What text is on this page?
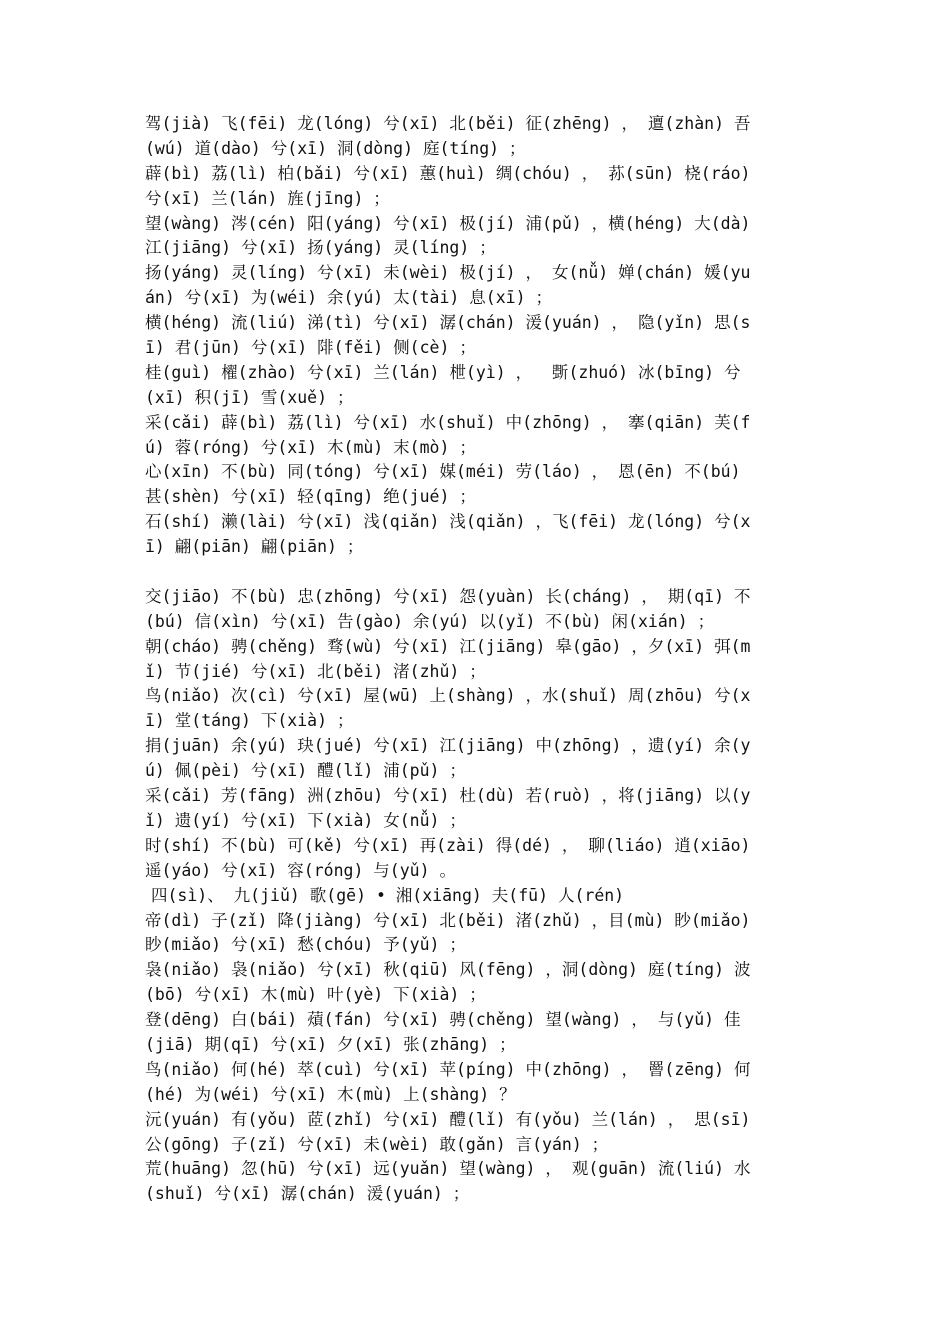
驾(jià) 飞(fēi) 龙(lóng) 兮(xī) 北(běi) 征(zhēng) ， 邅(zhàn) 吾
(wú) 道(dào) 兮(xī) 洞(dòng) 庭(tíng) ；
薜(bì) 荔(lì) 柏(bǎi) 兮(xī) 蕙(huì) 绸(chóu) ， 荪(sūn) 桡(ráo)
兮(xī) 兰(lán) 旌(jīng) ；
望(wàng) 涔(cén) 阳(yáng) 兮(xī) 极(jí) 浦(pǔ) ，横(héng) 大(dà)
江(jiāng) 兮(xī) 扬(yáng) 灵(líng) ；
扬(yáng) 灵(líng) 兮(xī) 未(wèi) 极(jí) ， 女(nǚ) 婵(chán) 媛(yu
án) 兮(xī) 为(wéi) 余(yú) 太(tài) 息(xī) ；
横(héng) 流(liú) 涕(tì) 兮(xī) 潺(chán) 湲(yuán) ， 隐(yǐn) 思(s
ī) 君(jūn) 兮(xī) 陫(fěi) 侧(cè) ；
桂(guì) 櫂(zhào) 兮(xī) 兰(lán) 枻(yì) ，  斲(zhuó) 冰(bīng) 兮
(xī) 积(jī) 雪(xuě) ；
采(cǎi) 薜(bì) 荔(lì) 兮(xī) 水(shuǐ) 中(zhōng) ， 搴(qiān) 芙(f
ú) 蓉(róng) 兮(xī) 木(mù) 末(mò) ；
心(xīn) 不(bù) 同(tóng) 兮(xī) 媒(méi) 劳(láo) ， 恩(ēn) 不(bú)
甚(shèn) 兮(xī) 轻(qīng) 绝(jué) ；
石(shí) 濑(lài) 兮(xī) 浅(qiǎn) 浅(qiǎn) ，飞(fēi) 龙(lóng) 兮(x
ī) 翩(piān) 翩(piān) ；
交(jiāo) 不(bù) 忠(zhōng) 兮(xī) 怨(yuàn) 长(cháng) ， 期(qī) 不
(bú) 信(xìn) 兮(xī) 告(gào) 余(yú) 以(yǐ) 不(bù) 闲(xián) ；
朝(cháo) 骋(chěng) 骛(wù) 兮(xī) 江(jiāng) 皋(gāo) ，夕(xī) 弭(m
ǐ) 节(jié) 兮(xī) 北(běi) 渚(zhǔ) ；
鸟(niǎo) 次(cì) 兮(xī) 屋(wū) 上(shàng) ，水(shuǐ) 周(zhōu) 兮(x
ī) 堂(táng) 下(xià) ；
捐(juān) 余(yú) 玦(jué) 兮(xī) 江(jiāng) 中(zhōng) ，遗(yí) 余(y
ú) 佩(pèi) 兮(xī) 醴(lǐ) 浦(pǔ) ；
采(cǎi) 芳(fāng) 洲(zhōu) 兮(xī) 杜(dù) 若(ruò) ，将(jiāng) 以(y
ǐ) 遗(yí) 兮(xī) 下(xià) 女(nǚ) ；
时(shí) 不(bù) 可(kě) 兮(xī) 再(zài) 得(dé) ， 聊(liáo) 逍(xiāo)
遥(yáo) 兮(xī) 容(róng) 与(yǔ) 。
四(sì)、 九(jiǔ) 歌(gē) • 湘(xiāng) 夫(fū) 人(rén)
帝(dì) 子(zǐ) 降(jiàng) 兮(xī) 北(běi) 渚(zhǔ) ，目(mù) 眇(miǎo)
眇(miǎo) 兮(xī) 愁(chóu) 予(yǔ) ；
袅(niǎo) 袅(niǎo) 兮(xī) 秋(qiū) 风(fēng) ，洞(dòng) 庭(tíng) 波
(bō) 兮(xī) 木(mù) 叶(yè) 下(xià) ；
登(dēng) 白(bái) 薠(fán) 兮(xī) 骋(chěng) 望(wàng) ， 与(yǔ) 佳
(jiā) 期(qī) 兮(xī) 夕(xī) 张(zhāng) ；
鸟(niǎo) 何(hé) 萃(cuì) 兮(xī) 苹(píng) 中(zhōng) ， 罾(zēng) 何
(hé) 为(wéi) 兮(xī) 木(mù) 上(shàng) ？
沅(yuán) 有(yǒu) 茝(zhǐ) 兮(xī) 醴(lǐ) 有(yǒu) 兰(lán) ， 思(sī)
公(gōng) 子(zǐ) 兮(xī) 未(wèi) 敢(gǎn) 言(yán) ；
荒(huāng) 忽(hū) 兮(xī) 远(yuǎn) 望(wàng) ， 观(guān) 流(liú) 水
(shuǐ) 兮(xī) 潺(chán) 湲(yuán) ；
